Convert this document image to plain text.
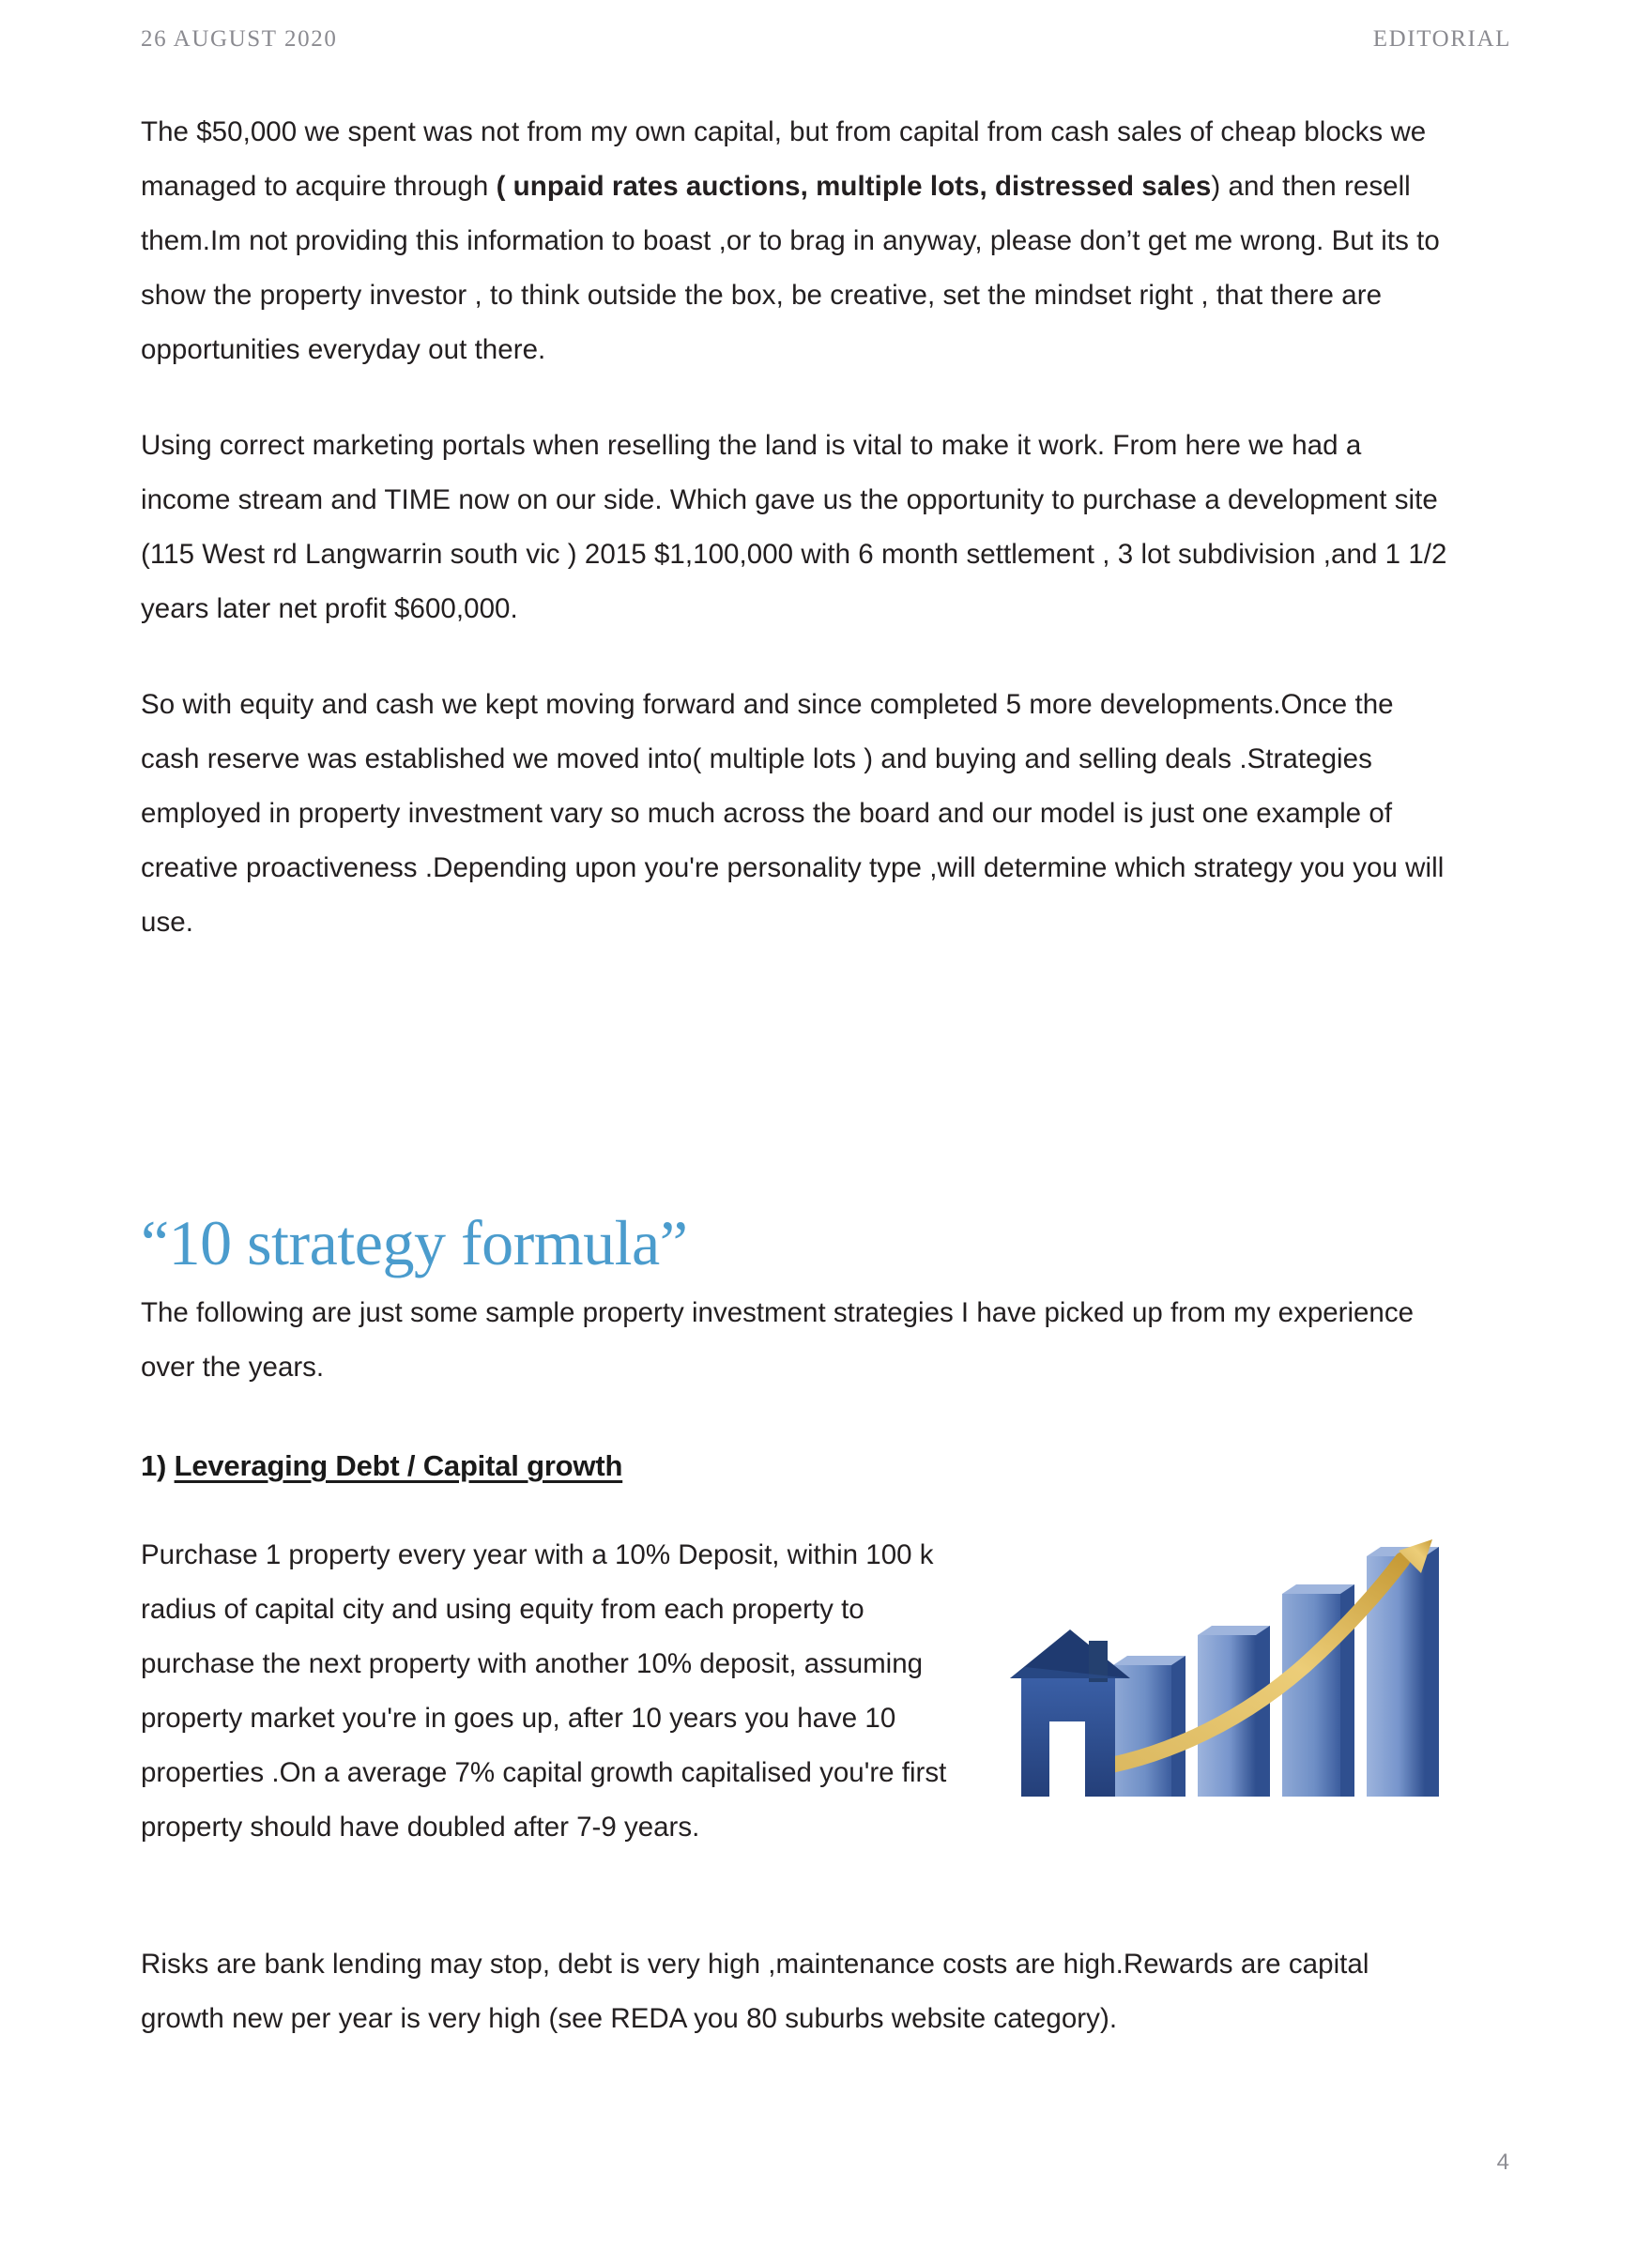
26 AUGUST 2020	EDITORIAL

The $50,000 we spent was not from my own capital, but from capital from cash sales of cheap blocks we managed to acquire through ( unpaid rates auctions, multiple lots, distressed sales) and then resell them.Im not providing this information to boast ,or to brag in anyway, please don’t get me wrong. But its to show the property investor , to think outside the box, be creative, set the mindset right , that there are opportunities everyday out there.

Using correct marketing portals when reselling the land is vital to make it work. From here we had a income stream and TIME now on our side. Which gave us the opportunity to purchase a development site (115 West rd Langwarrin south vic ) 2015 $1,100,000 with 6 month settlement , 3 lot subdivision ,and 1 1/2 years later net profit $600,000.

So with equity and cash we kept moving forward and since completed 5 more developments.Once the cash reserve was established we moved into( multiple lots ) and buying and selling deals .Strategies employed in property investment vary so much across the board and our model is just one example of creative proactiveness .Depending upon you're personality type ,will determine which strategy you you will use.

“10 strategy formula”

The following are just some sample property investment strategies I have picked up from my experience over the years.

1) Leveraging Debt / Capital growth

Purchase 1 property every year with a 10% Deposit, within 100 k radius of capital city and using equity from each property to purchase the next property with another 10% deposit, assuming property market you're in goes up, after 10 years you have 10 properties .On a average 7% capital growth capitalised you're first property should have doubled after 7-9 years.

Risks are bank lending may stop, debt is very high ,maintenance costs are high.Rewards are capital growth new per year is very high (see REDA you 80 suburbs website category).

4
